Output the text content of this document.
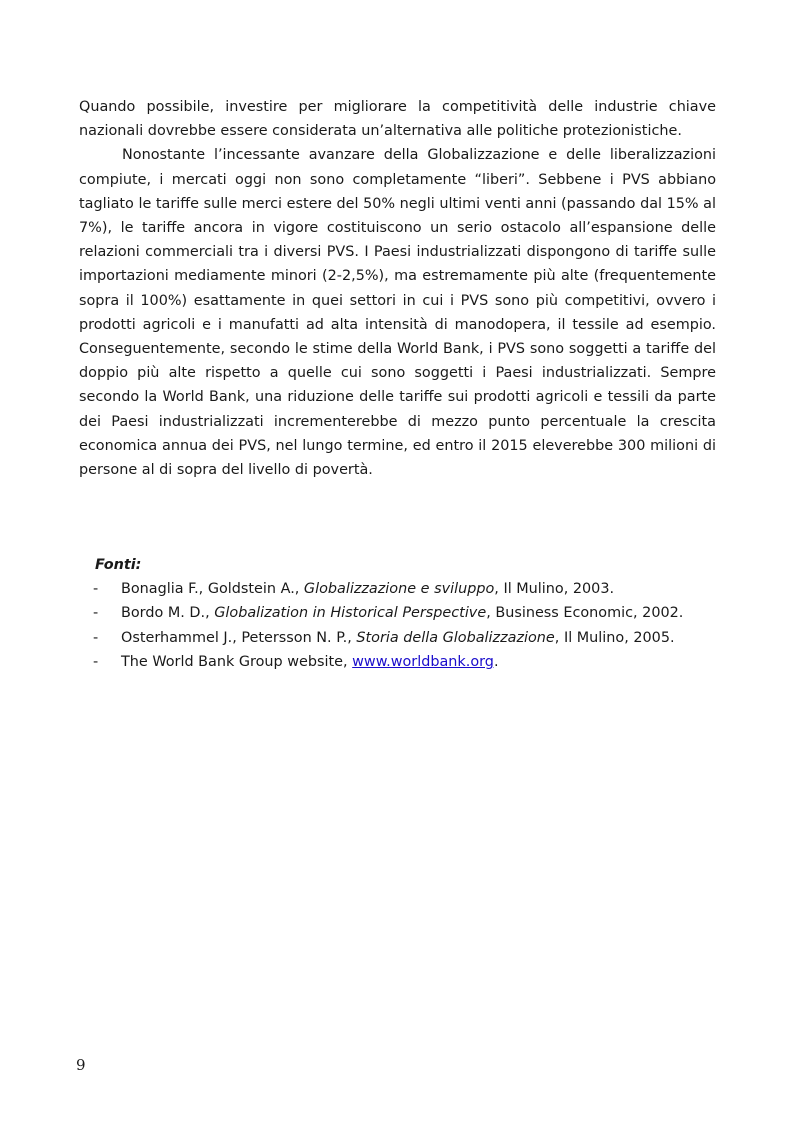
Quando possibile, investire per migliorare la competitività delle industrie chiave nazionali dovrebbe essere considerata un’alternativa alle politiche protezionistiche.

Nonostante l’incessante avanzare della Globalizzazione e delle liberalizzazioni compiute, i mercati oggi non sono completamente “liberi”. Sebbene i PVS abbiano tagliato le tariffe sulle merci estere del 50% negli ultimi venti anni (passando dal 15% al 7%), le tariffe ancora in vigore costituiscono un serio ostacolo all’espansione delle relazioni commerciali tra i diversi PVS. I Paesi industrializzati dispongono di tariffe sulle importazioni mediamente minori (2-2,5%), ma estremamente più alte (frequentemente sopra il 100%) esattamente in quei settori in cui i PVS sono più competitivi, ovvero i prodotti agricoli e i manufatti ad alta intensità di manodopera, il tessile ad esempio. Conseguentemente, secondo le stime della World Bank, i PVS sono soggetti a tariffe del doppio più alte rispetto a quelle cui sono soggetti i Paesi industrializzati. Sempre secondo la World Bank, una riduzione delle tariffe sui prodotti agricoli e tessili da parte dei Paesi industrializzati incrementerebbe di mezzo punto percentuale la crescita economica annua dei PVS, nel lungo termine, ed entro il 2015 eleverebbe 300 milioni di persone al di sopra del livello di povertà.

Fonti:

- Bonaglia F., Goldstein A., Globalizzazione e sviluppo, Il Mulino, 2003.
- Bordo M. D., Globalization in Historical Perspective, Business Economic, 2002.
- Osterhammel J., Petersson N. P., Storia della Globalizzazione, Il Mulino, 2005.
- The World Bank Group website, www.worldbank.org.
9
